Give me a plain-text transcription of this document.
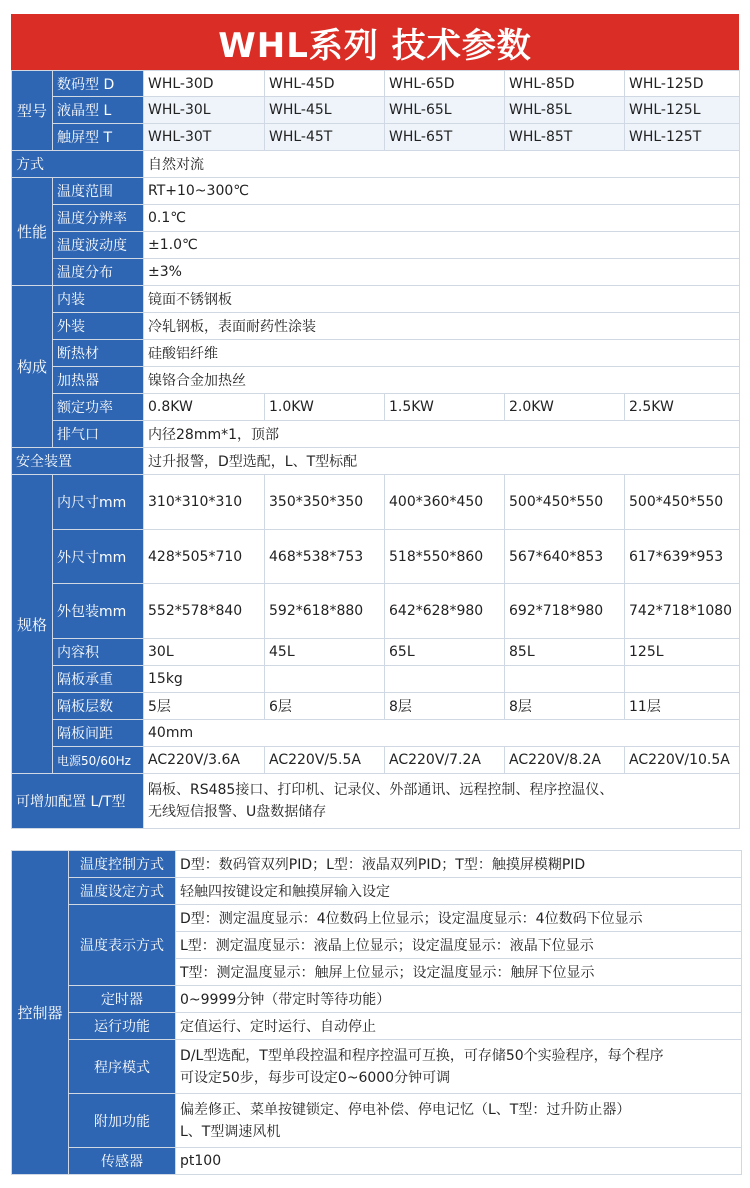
WHL系列 技术参数
型号	数码型 D	WHL-30D	WHL-45D	WHL-65D	WHL-85D	WHL-125D
	液晶型 L	WHL-30L	WHL-45L	WHL-65L	WHL-85L	WHL-125L
	触屏型 T	WHL-30T	WHL-45T	WHL-65T	WHL-85T	WHL-125T
方式		自然对流				
性能	温度范围	RT+10~300℃				
	温度分辨率	0.1℃				
	温度波动度	±1.0℃				
	温度分布	±3%				
构成	内装	镜面不锈钢板				
	外装	冷轧钢板，表面耐药性涂装				
	断热材	硅酸铝纤维				
	加热器	镍铬合金加热丝				
	额定功率	0.8KW	1.0KW	1.5KW	2.0KW	2.5KW
	排气口	内径28mm*1，顶部				
安全装置		过升报警，D型选配，L、T型标配				
规格	内尺寸mm	310*310*310	350*350*350	400*360*450	500*450*550	500*450*550
	外尺寸mm	428*505*710	468*538*753	518*550*860	567*640*853	617*639*953
	外包装mm	552*578*840	592*618*880	642*628*980	692*718*980	742*718*1080
	内容积	30L	45L	65L	85L	125L
	隔板承重	15kg				
	隔板层数	5层	6层	8层	8层	11层
	隔板间距	40mm				
	电源50/60Hz	AC220V/3.6A	AC220V/5.5A	AC220V/7.2A	AC220V/8.2A	AC220V/10.5A
可增加配置 L/T型		隔板、RS485接口、打印机、记录仪、外部通讯、远程控制、程序控温仪、
无线短信报警、U盘数据储存				
控制器	温度控制方式	D型：数码管双列PID；L型：液晶双列PID；T型：触摸屏模糊PID
	温度设定方式	轻触四按键设定和触摸屏输入设定
	温度表示方式	D型：测定温度显示：4位数码上位显示；设定温度显示：4位数码下位显示
		L型：测定温度显示：液晶上位显示；设定温度显示：液晶下位显示
		T型：测定温度显示：触屏上位显示；设定温度显示：触屏下位显示
	定时器	0~9999分钟（带定时等待功能）
	运行功能	定值运行、定时运行、自动停止
	程序模式	D/L型选配，T型单段控温和程序控温可互换，可存储50个实验程序，每个程序
可设定50步，每步可设定0~6000分钟可调

	附加功能	偏差修正、菜单按键锁定、停电补偿、停电记忆（L、T型：过升防止器）
L、T型调速风机

	传感器	pt100
